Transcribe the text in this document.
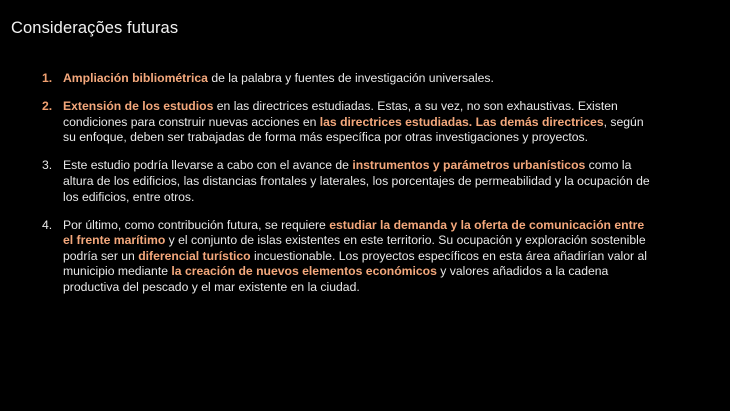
Considerações futuras
1. Ampliación bibliométrica de la palabra y fuentes de investigación universales.
2. Extensión de los estudios en las directrices estudiadas. Estas, a su vez, no son exhaustivas. Existen condiciones para construir nuevas acciones en las directrices estudiadas. Las demás directrices, según su enfoque, deben ser trabajadas de forma más específica por otras investigaciones y proyectos.
3. Este estudio podría llevarse a cabo con el avance de instrumentos y parámetros urbanísticos como la altura de los edificios, las distancias frontales y laterales, los porcentajes de permeabilidad y la ocupación de los edificios, entre otros.
4. Por último, como contribución futura, se requiere estudiar la demanda y la oferta de comunicación entre el frente marítimo y el conjunto de islas existentes en este territorio. Su ocupación y exploración sostenible podría ser un diferencial turístico incuestionable. Los proyectos específicos en esta área añadirían valor al municipio mediante la creación de nuevos elementos económicos y valores añadidos a la cadena productiva del pescado y el mar existente en la ciudad.
